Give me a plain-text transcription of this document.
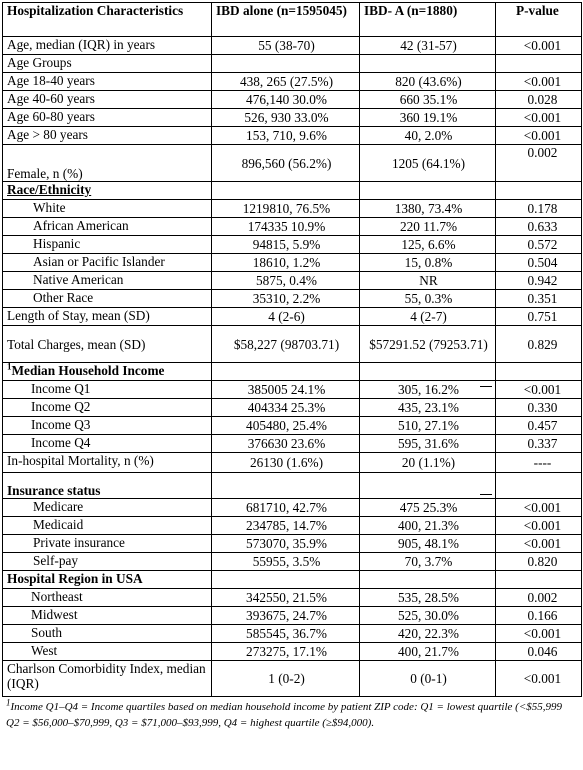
Hospitalization Characteristics	IBD alone (n=1595045)	IBD- A (n=1880)	P-value
Age, median (IQR) in years	55 (38-70)	42 (31-57)	<0.001
Age Groups			
Age 18-40 years	438, 265 (27.5%)	820 (43.6%)	<0.001
Age 40-60 years	476,140 30.0%	660 35.1%	0.028
Age 60-80 years	526, 930 33.0%	360 19.1%	<0.001
Age > 80 years	153, 710, 9.6%	40, 2.0%	<0.001
Female, n (%)	896,560 (56.2%)	1205 (64.1%)	0.002
Race/Ethnicity			
White	1219810, 76.5%	1380, 73.4%	0.178
African American	174335 10.9%	220 11.7%	0.633
Hispanic	94815, 5.9%	125, 6.6%	0.572
Asian or Pacific Islander	18610, 1.2%	15, 0.8%	0.504
Native American	5875, 0.4%	NR	0.942
Other Race	35310, 2.2%	55, 0.3%	0.351
Length of Stay, mean (SD)	4 (2-6)	4 (2-7)	0.751
Total Charges, mean (SD)	$58,227 (98703.71)	$57291.52 (79253.71)	0.829
$^1$Median Household Income			
Income Q1	385005 24.1%	305, 16.2%	<0.001
Income Q2	404334 25.3%	435, 23.1%	0.330
Income Q3	405480, 25.4%	510, 27.1%	0.457
Income Q4	376630 23.6%	595, 31.6%	0.337
In-hospital Mortality, n (%)	26130 (1.6%)	20 (1.1%)	----
Insurance status			
Medicare	681710, 42.7%	475 25.3%	<0.001
Medicaid	234785, 14.7%	400, 21.3%	<0.001
Private insurance	573070, 35.9%	905, 48.1%	<0.001
Self-pay	55955, 3.5%	70, 3.7%	0.820
Hospital Region in USA			
Northeast	342550, 21.5%	535, 28.5%	0.002
Midwest	393675, 24.7%	525, 30.0%	0.166
South	585545, 36.7%	420, 22.3%	<0.001
West	273275, 17.1%	400, 21.7%	0.046
Charlson Comorbidity Index, median (IQR)	1 (0-2)	0 (0-1)	<0.001
$^1$Income Q1–Q4 = Income quartiles based on median household income by patient ZIP code: Q1 = lowest quartile (<$55,999 Q2 = $56,000–$70,999, Q3 = $71,000–$93,999, Q4 = highest quartile (≥$94,000).
